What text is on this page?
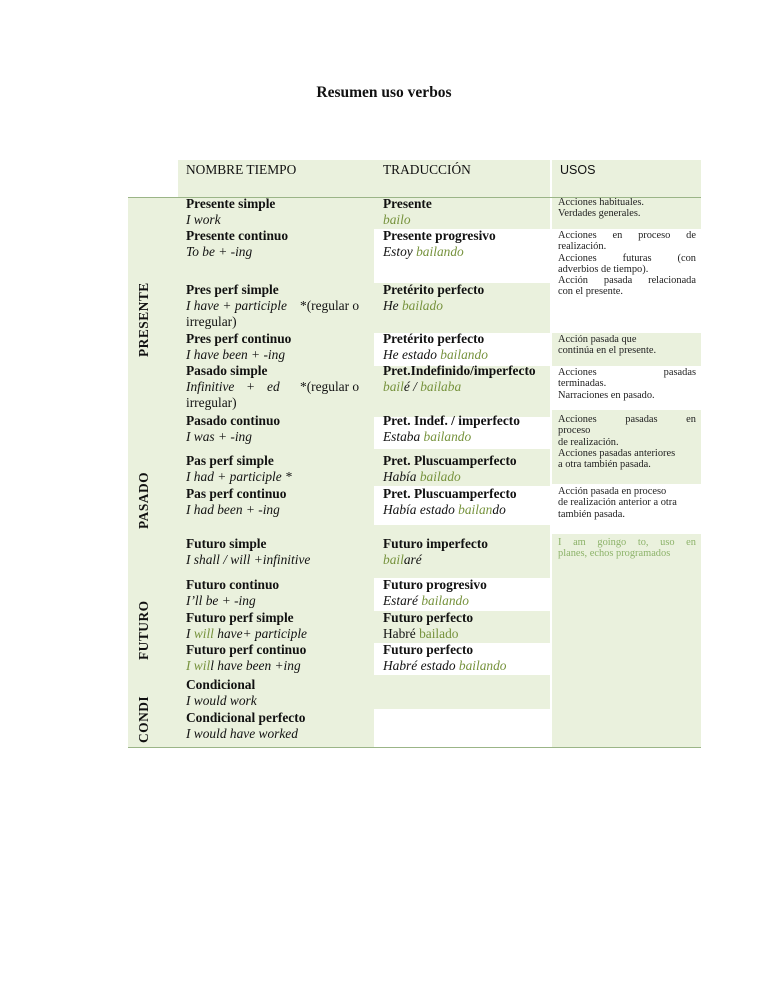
Resumen uso verbos
PRESENTE
PASADO
FUTURO
CONDI
NOMBRE TIEMPO	TRADUCCIÓN	USOS
Presente simple
I work
Presente continuo
To be + -ing
Pres perf simple
I have + participle *(regular o
irregular)
Pres perf continuo
I have been + -ing
Pasado simple
Infinitive + ed *(regular o
irregular)
Pasado continuo
I was + -ing
Pas perf simple
I had + participle *
Pas perf continuo
I had been + -ing
Futuro simple
I shall / will +infinitive
Futuro continuo
I’ll be + -ing
Futuro perf simple
I will have+ participle
Futuro perf continuo
I will have been +ing
Condicional
I would work
Condicional perfecto
I would have worked
Presente
bailo
Presente progresivo
Estoy bailando
Pretérito perfecto
He bailado
Pretérito perfecto
He estado bailando
Pret.Indefinido/imperfecto
bailé / bailaba
Pret. Indef. / imperfecto
Estaba bailando
Pret. Pluscuamperfecto
Había bailado
Pret. Pluscuamperfecto
Había estado bailando
Futuro imperfecto
bailaré
Futuro progresivo
Estaré bailando
Futuro perfecto
Habré bailado
Futuro perfecto
Habré estado bailando
Acciones habituales.
Verdades generales.
Acciones en proceso de
realización.
Acciones futuras (con
adverbios de tiempo).
Acción pasada relacionada
con el presente.
Acción pasada que
continúa en el presente.
Acciones pasadas
terminadas.
Narraciones en pasado.
Acciones pasadas en
proceso
de realización.
Acciones pasadas anteriores
a otra también pasada.
Acción pasada en proceso
de realización anterior a otra
también pasada.
I am goingo to, uso en
planes, echos programados
